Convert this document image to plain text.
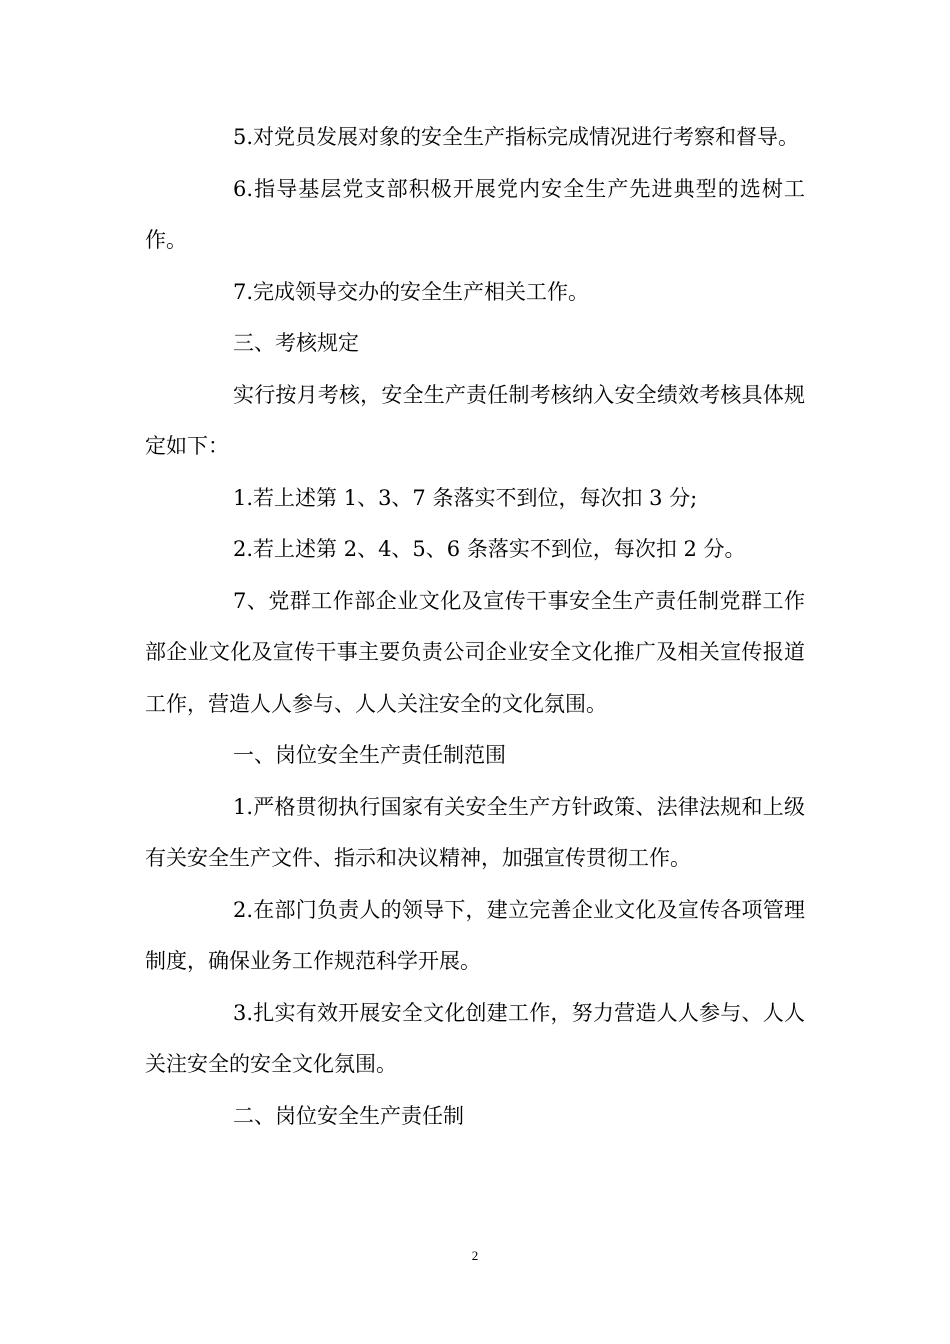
5.对党员发展对象的安全生产指标完成情况进行考察和督导。

6.指导基层党支部积极开展党内安全生产先进典型的选树工作。

7.完成领导交办的安全生产相关工作。

三、考核规定

实行按月考核，安全生产责任制考核纳入安全绩效考核具体规定如下：

1.若上述第 1、3、7 条落实不到位，每次扣 3 分;

2.若上述第 2、4、5、6 条落实不到位，每次扣 2 分。

7、党群工作部企业文化及宣传干事安全生产责任制党群工作部企业文化及宣传干事主要负责公司企业安全文化推广及相关宣传报道工作，营造人人参与、人人关注安全的文化氛围。

一、岗位安全生产责任制范围

1.严格贯彻执行国家有关安全生产方针政策、法律法规和上级有关安全生产文件、指示和决议精神，加强宣传贯彻工作。

2.在部门负责人的领导下，建立完善企业文化及宣传各项管理制度，确保业务工作规范科学开展。

3.扎实有效开展安全文化创建工作，努力营造人人参与、人人关注安全的安全文化氛围。

二、岗位安全生产责任制

2
